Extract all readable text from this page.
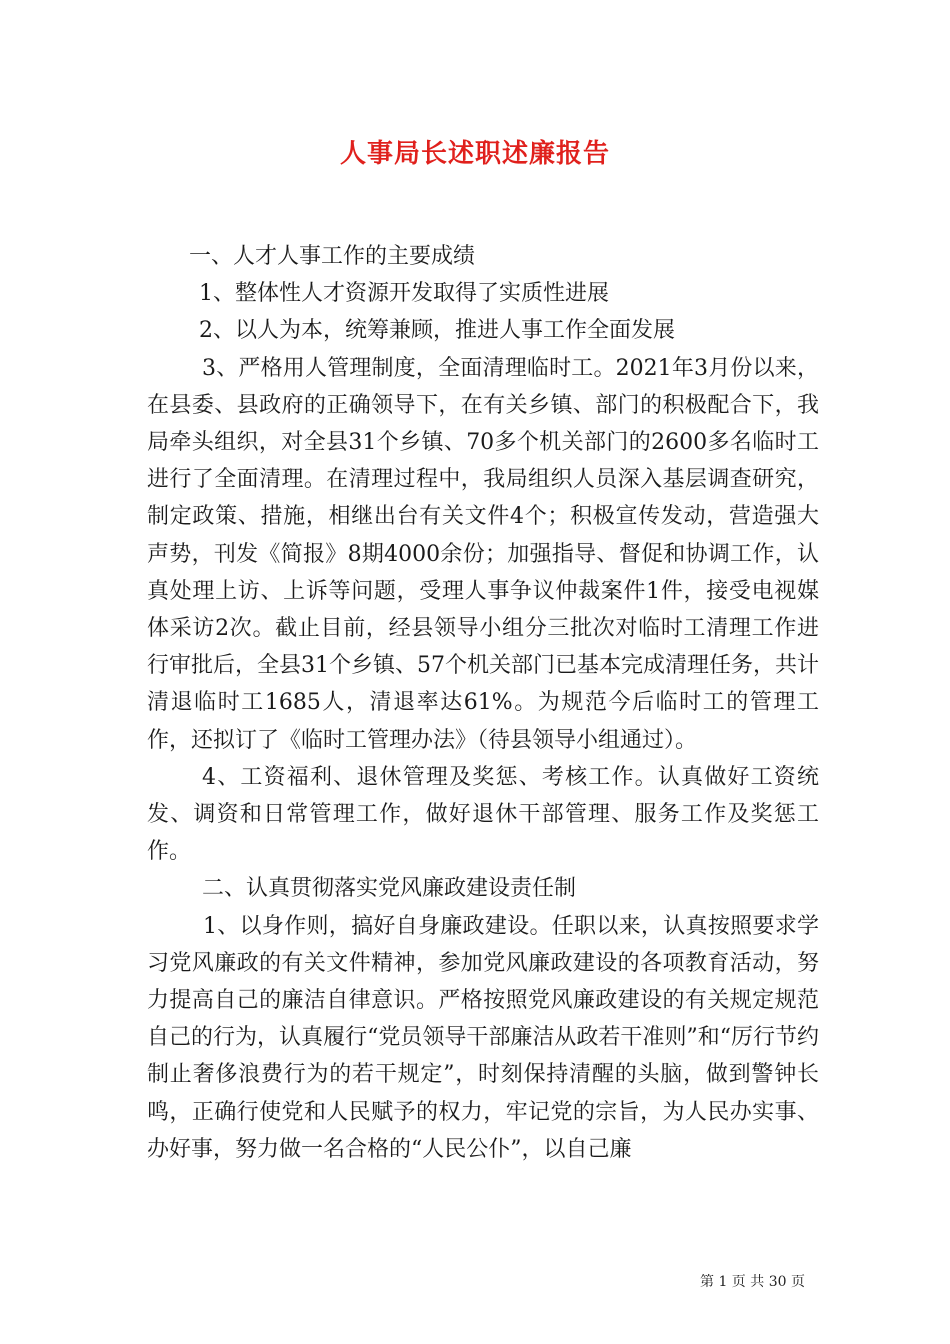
人事局长述职述廉报告

一、人才人事工作的主要成绩

1、整体性人才资源开发取得了实质性进展

2、以人为本，统筹兼顾，推进人事工作全面发展

3、严格用人管理制度，全面清理临时工。2021年3月份以来，在县委、县政府的正确领导下，在有关乡镇、部门的积极配合下，我局牵头组织，对全县31个乡镇、70多个机关部门的2600多名临时工进行了全面清理。在清理过程中，我局组织人员深入基层调查研究，制定政策、措施，相继出台有关文件4个；积极宣传发动，营造强大声势，刊发《简报》8期4000余份；加强指导、督促和协调工作，认真处理上访、上诉等问题，受理人事争议仲裁案件1件，接受电视媒体采访2次。截止目前，经县领导小组分三批次对临时工清理工作进行审批后，全县31个乡镇、57个机关部门已基本完成清理任务，共计清退临时工1685人，清退率达61%。为规范今后临时工的管理工作，还拟订了《临时工管理办法》（待县领导小组通过）。

4、工资福利、退休管理及奖惩、考核工作。认真做好工资统发、调资和日常管理工作，做好退休干部管理、服务工作及奖惩工作。

二、认真贯彻落实党风廉政建设责任制

1、以身作则，搞好自身廉政建设。任职以来，认真按照要求学习党风廉政的有关文件精神，参加党风廉政建设的各项教育活动，努力提高自己的廉洁自律意识。严格按照党风廉政建设的有关规定规范自己的行为，认真履行“党员领导干部廉洁从政若干准则”和“厉行节约制止奢侈浪费行为的若干规定”，时刻保持清醒的头脑，做到警钟长鸣，正确行使党和人民赋予的权力，牢记党的宗旨，为人民办实事、办好事，努力做一名合格的“人民公仆”，以自己廉

第 1 页 共 30 页
